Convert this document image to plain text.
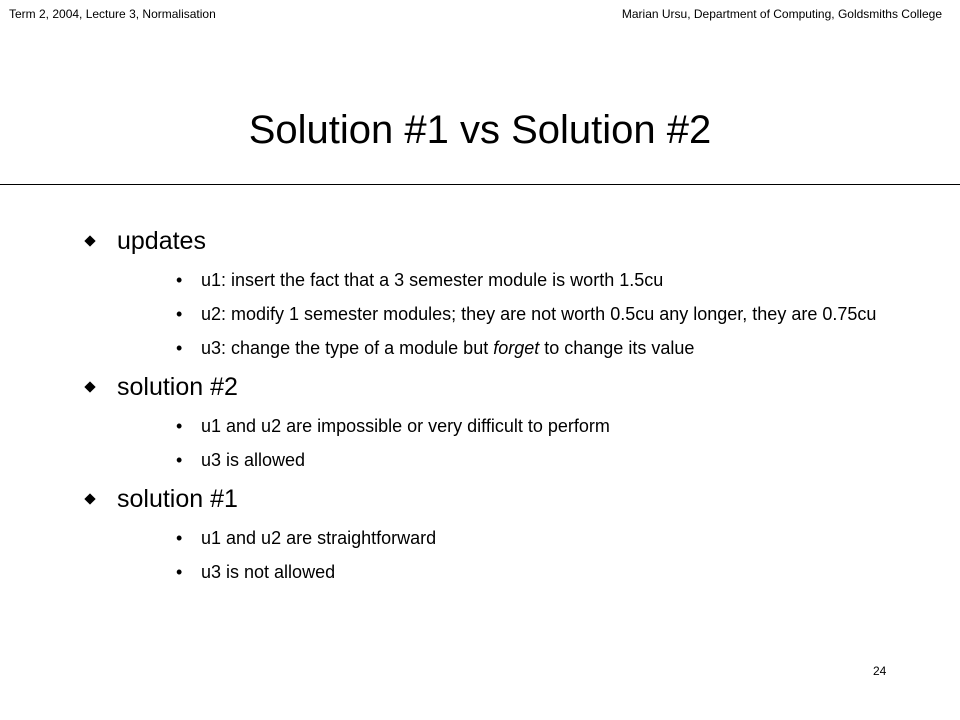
Term 2, 2004, Lecture 3, Normalisation	Marian Ursu, Department of Computing, Goldsmiths College
Solution #1 vs Solution #2
updates
• u1: insert the fact that a 3 semester module is worth 1.5cu
• u2: modify 1 semester modules; they are not worth 0.5cu any longer, they are 0.75cu
• u3: change the type of a module but forget to change its value
solution #2
• u1 and u2 are impossible or very difficult to perform
• u3 is allowed
solution #1
• u1 and u2 are straightforward
• u3 is not allowed
24
